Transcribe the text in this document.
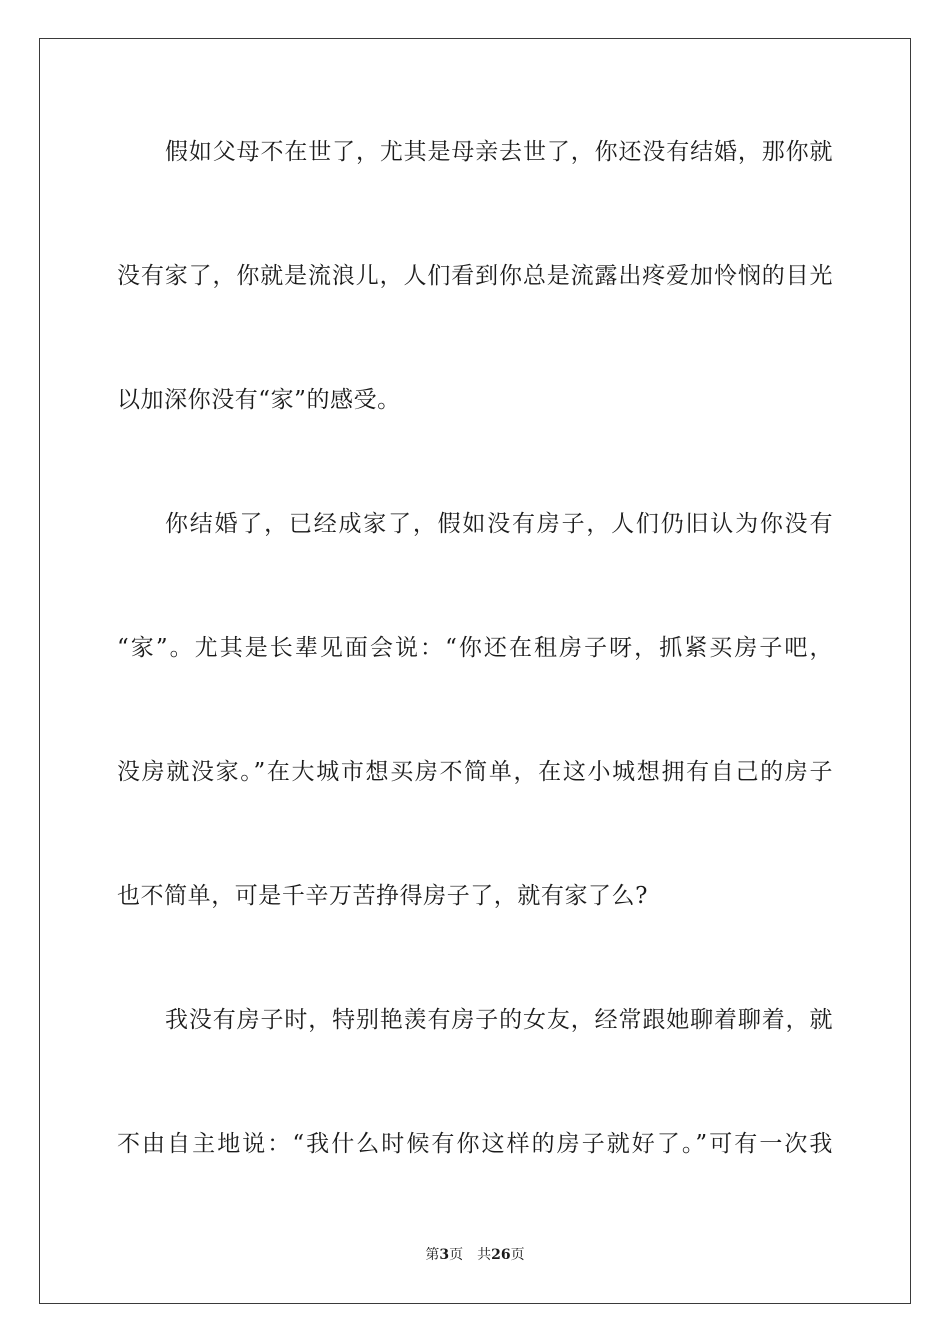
假如父母不在世了，尤其是母亲去世了，你还没有结婚，那你就
没有家了，你就是流浪儿，人们看到你总是流露出疼爱加怜悯的目光
以加深你没有“家”的感受。
你结婚了，已经成家了，假如没有房子，人们仍旧认为你没有
“家”。尤其是长辈见面会说：“你还在租房子呀，抓紧买房子吧，
没房就没家。”在大城市想买房不简单，在这小城想拥有自己的房子
也不简单，可是千辛万苦挣得房子了，就有家了么?
我没有房子时，特别艳羡有房子的女友，经常跟她聊着聊着，就
不由自主地说：“我什么时候有你这样的房子就好了。”可有一次我
第3页 共26页
